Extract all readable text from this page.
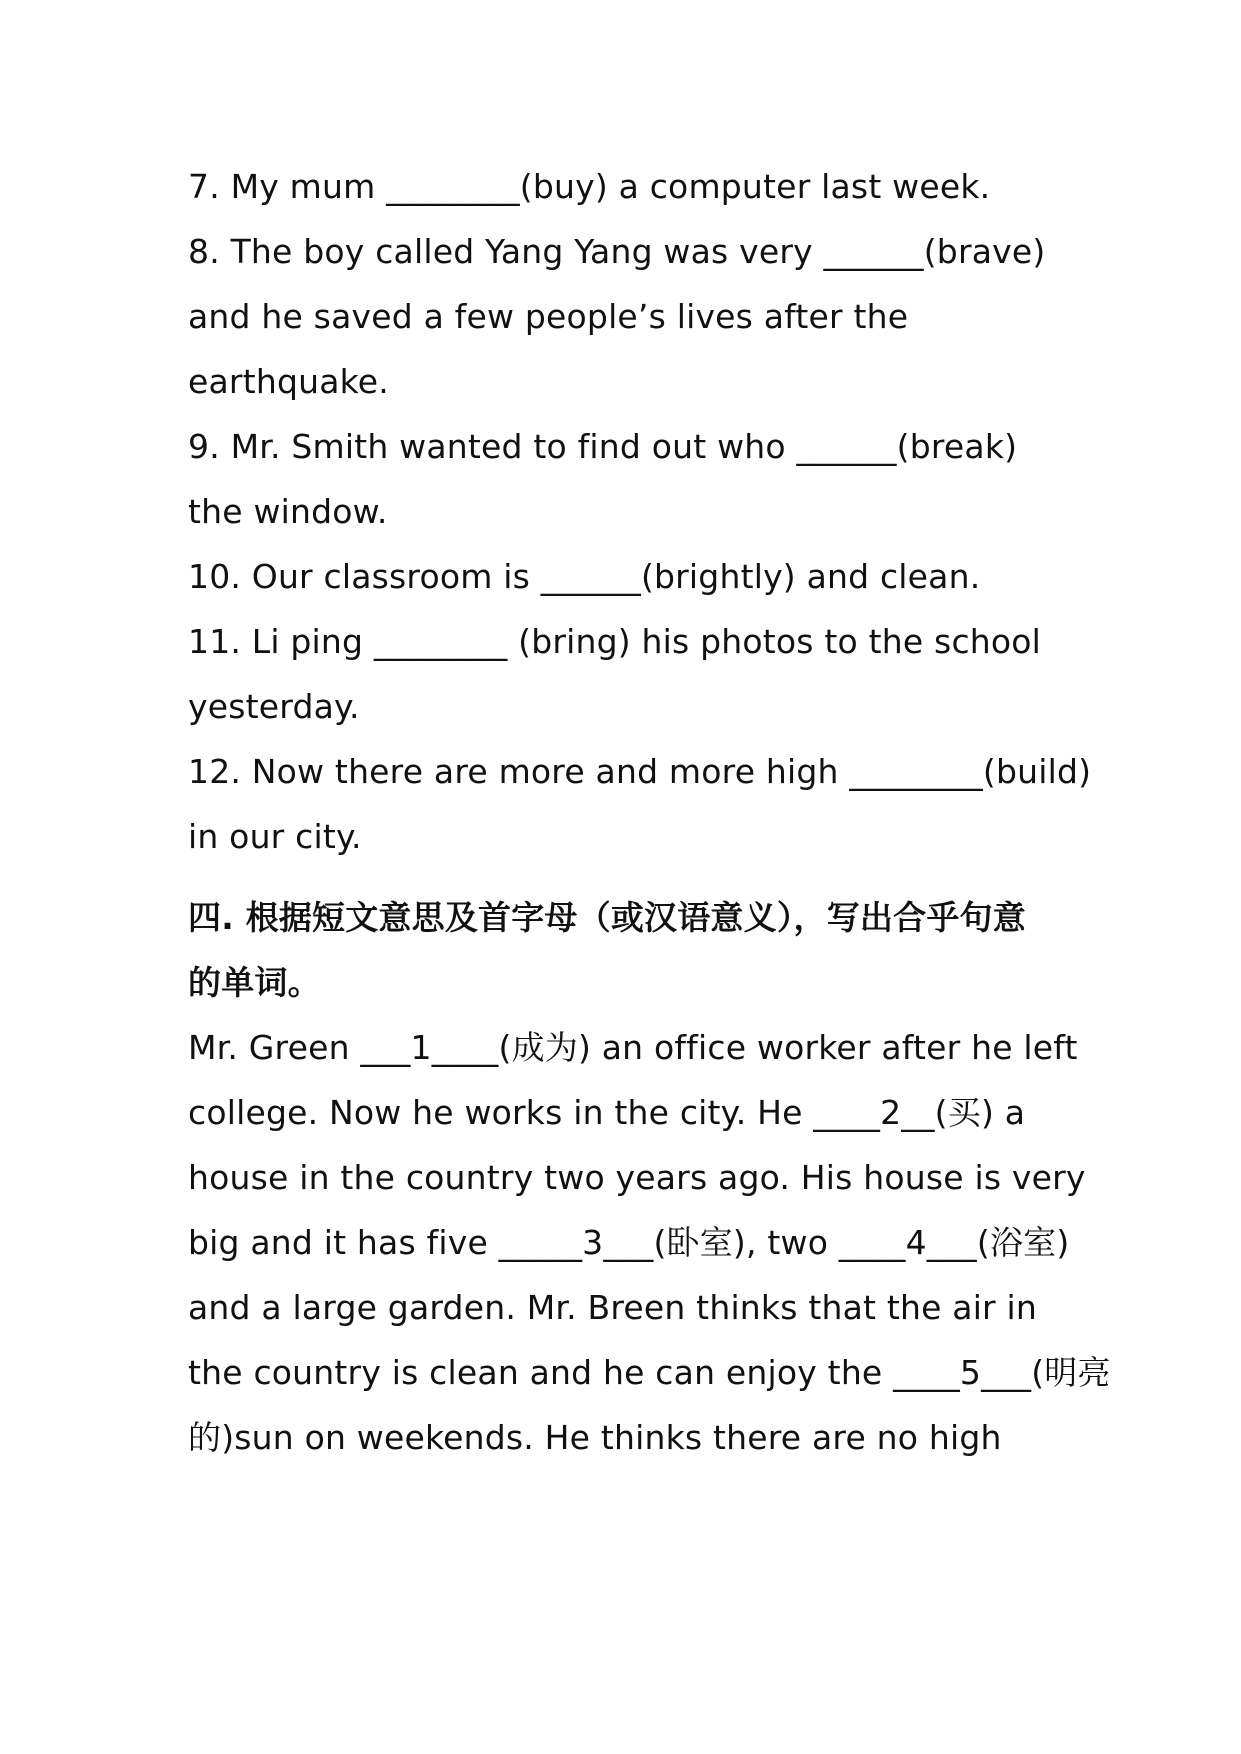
7. My mum ________(buy) a computer last week.
8. The boy called Yang Yang was very ______(brave)
and he saved a few people’s lives after the
earthquake.
9. Mr. Smith wanted to find out who ______(break)
the window.
10. Our classroom is ______(brightly) and clean.
11. Li ping ________ (bring) his photos to the school
yesterday.
12. Now there are more and more high ________(build)
in our city.
四. 根据短文意思及首字母（或汉语意义），写出合乎句意
的单词。
Mr. Green ___1____(成为) an office worker after he left
college. Now he works in the city. He ____2__(买) a
house in the country two years ago. His house is very
big and it has five _____3___(卧室), two ____4___(浴室)
and a large garden. Mr. Breen thinks that the air in
the country is clean and he can enjoy the ____5___(明亮
的)sun on weekends. He thinks there are no high
